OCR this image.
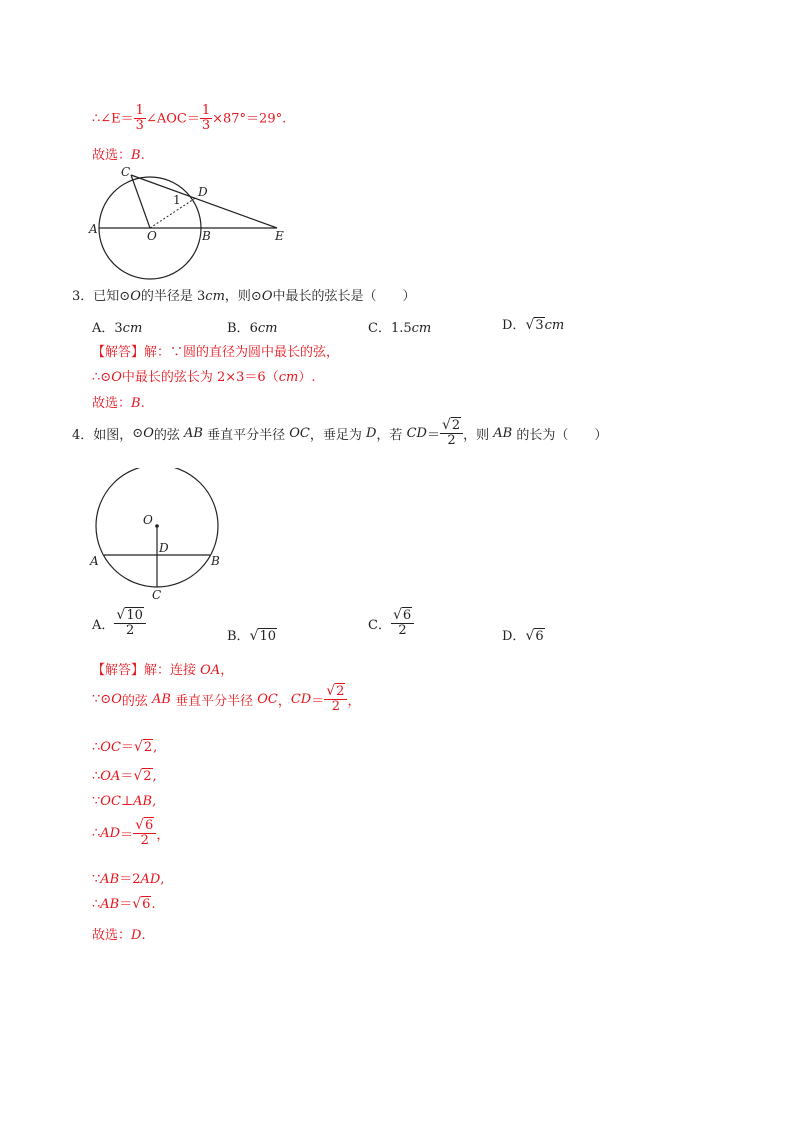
∴∠E＝ $\frac{1}{3}$ ∠AOC＝ $\frac{1}{3} \times 87^\circ=29^\circ$.
故选：B.
C
D
1
A	O	B	E
3．已知⊙O的半径是 3cm，则⊙O中最长的弦长是（　　）
A．3cm	B．6cm	C．1.5cm	D．√3cm
【解答】解：∵圆的直径为圆中最长的弦，
∴⊙O中最长的弦长为 2×3＝6（cm）.
故选：B.
4．如图，⊙O的弦 AB 垂直平分半径 OC，垂足为 D，若 $CD= \frac{√2}{2}$ ，则 AB 的长为（　　）
O
D
A	B
C
A． $\frac{√10}{2}$	B．√10
C． $\frac{√6}{2}$	D．√6
【解答】解：连接 OA，
∵⊙O的弦 AB 垂直平分半径 OC，$CD= \frac{√2}{2}$ ，
∴OC＝√2,
∴OA＝√2,
∵OC⊥AB,
∴AD＝ $\frac{√6}{2}$ ，
∵AB＝2AD,
∴AB＝√6.
故选：D.
